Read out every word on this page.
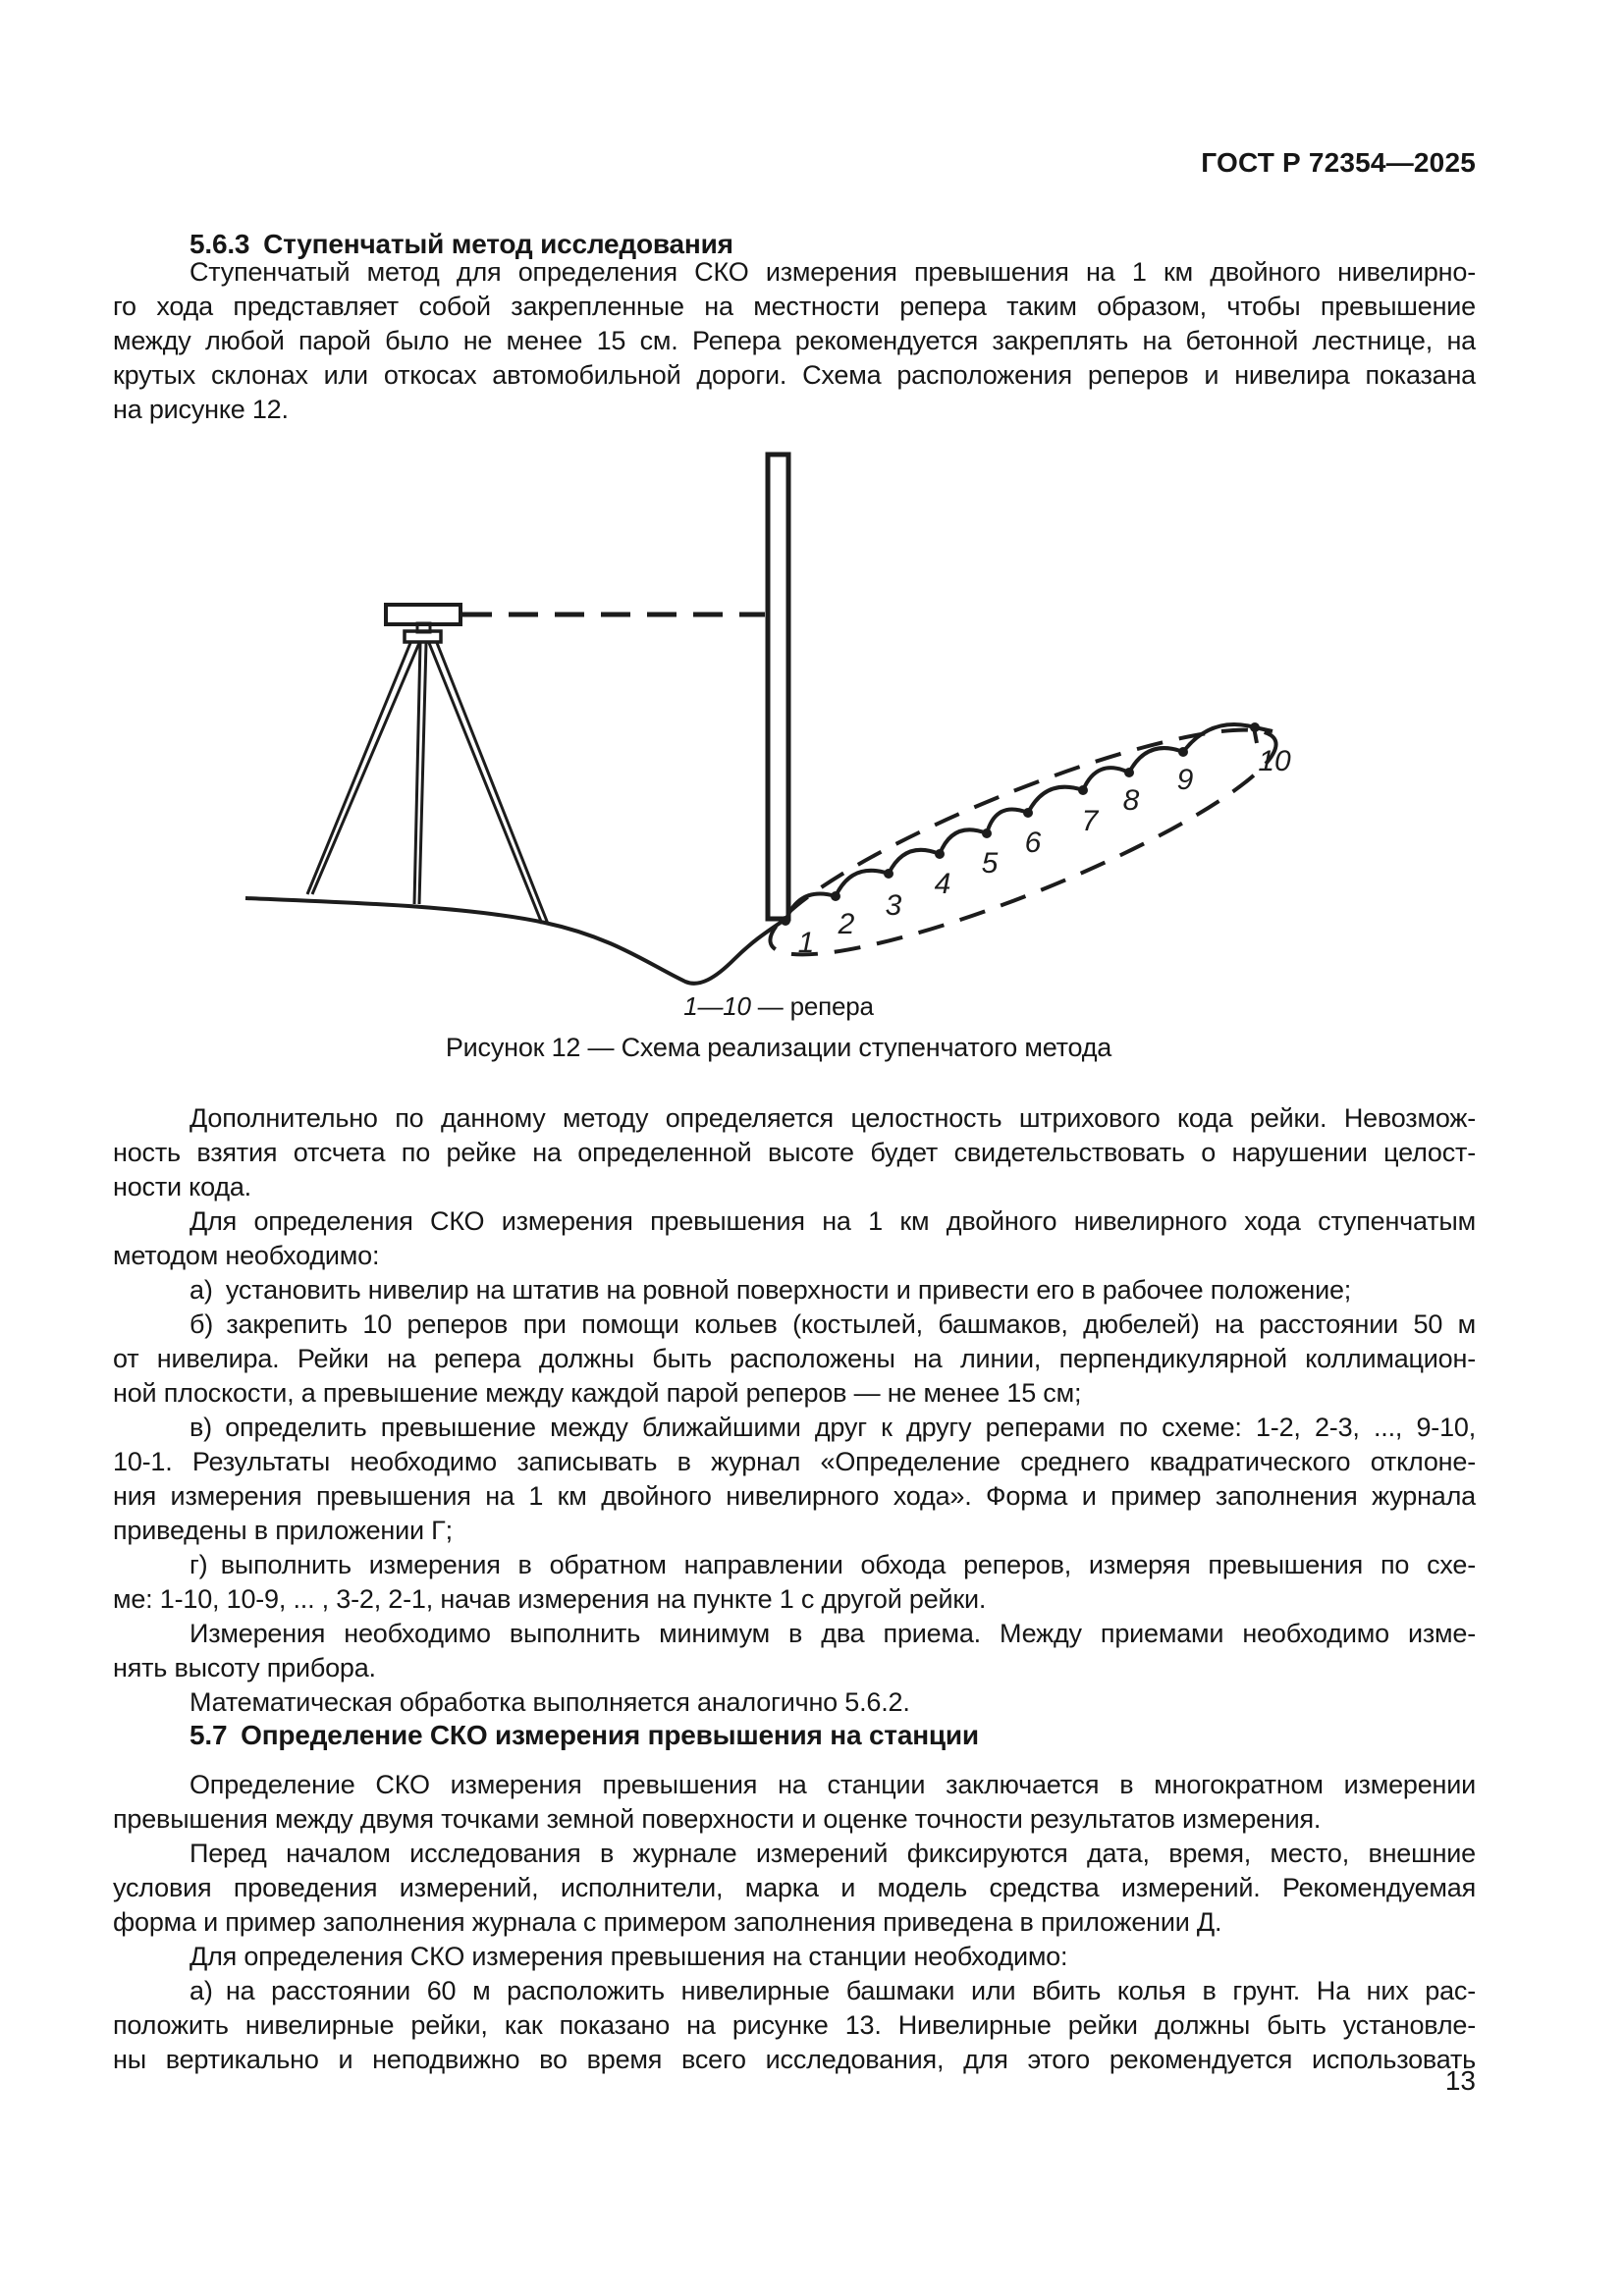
ГОСТ Р 72354—2025
5.6.3 Ступенчатый метод исследования
Ступенчатый метод для определения СКО измерения превышения на 1 км двойного нивелирно-
го хода представляет собой закрепленные на местности репера таким образом, чтобы превышение
между любой парой было не менее 15 см. Репера рекомендуется закреплять на бетонной лестнице, на
крутых склонах или откосах автомобильной дороги. Схема расположения реперов и нивелира показана
на рисунке 12.
1
2
3
4
5
6
7
8
9
10
1—10 — репера
Рисунок 12 — Схема реализации ступенчатого метода
Дополнительно по данному методу определяется целостность штрихового кода рейки. Невозмож-
ность взятия отсчета по рейке на определенной высоте будет свидетельствовать о нарушении целост-
ности кода.
Для определения СКО измерения превышения на 1 км двойного нивелирного хода ступенчатым
методом необходимо:
а) установить нивелир на штатив на ровной поверхности и привести его в рабочее положение;
б) закрепить 10 реперов при помощи кольев (костылей, башмаков, дюбелей) на расстоянии 50 м
от нивелира. Рейки на репера должны быть расположены на линии, перпендикулярной коллимацион-
ной плоскости, а превышение между каждой парой реперов — не менее 15 см;
в) определить превышение между ближайшими друг к другу реперами по схеме: 1-2, 2-3, ..., 9-10,
10-1. Результаты необходимо записывать в журнал «Определение среднего квадратического отклоне-
ния измерения превышения на 1 км двойного нивелирного хода». Форма и пример заполнения журнала
приведены в приложении Г;
г) выполнить измерения в обратном направлении обхода реперов, измеряя превышения по схе-
ме: 1-10, 10-9, ... , 3-2, 2-1, начав измерения на пункте 1 с другой рейки.
Измерения необходимо выполнить минимум в два приема. Между приемами необходимо изме-
нять высоту прибора.
Математическая обработка выполняется аналогично 5.6.2.
5.7 Определение СКО измерения превышения на станции
Определение СКО измерения превышения на станции заключается в многократном измерении
превышения между двумя точками земной поверхности и оценке точности результатов измерения.
Перед началом исследования в журнале измерений фиксируются дата, время, место, внешние
условия проведения измерений, исполнители, марка и модель средства измерений. Рекомендуемая
форма и пример заполнения журнала с примером заполнения приведена в приложении Д.
Для определения СКО измерения превышения на станции необходимо:
а) на расстоянии 60 м расположить нивелирные башмаки или вбить колья в грунт. На них рас-
положить нивелирные рейки, как показано на рисунке 13. Нивелирные рейки должны быть установле-
ны вертикально и неподвижно во время всего исследования, для этого рекомендуется использовать
13
